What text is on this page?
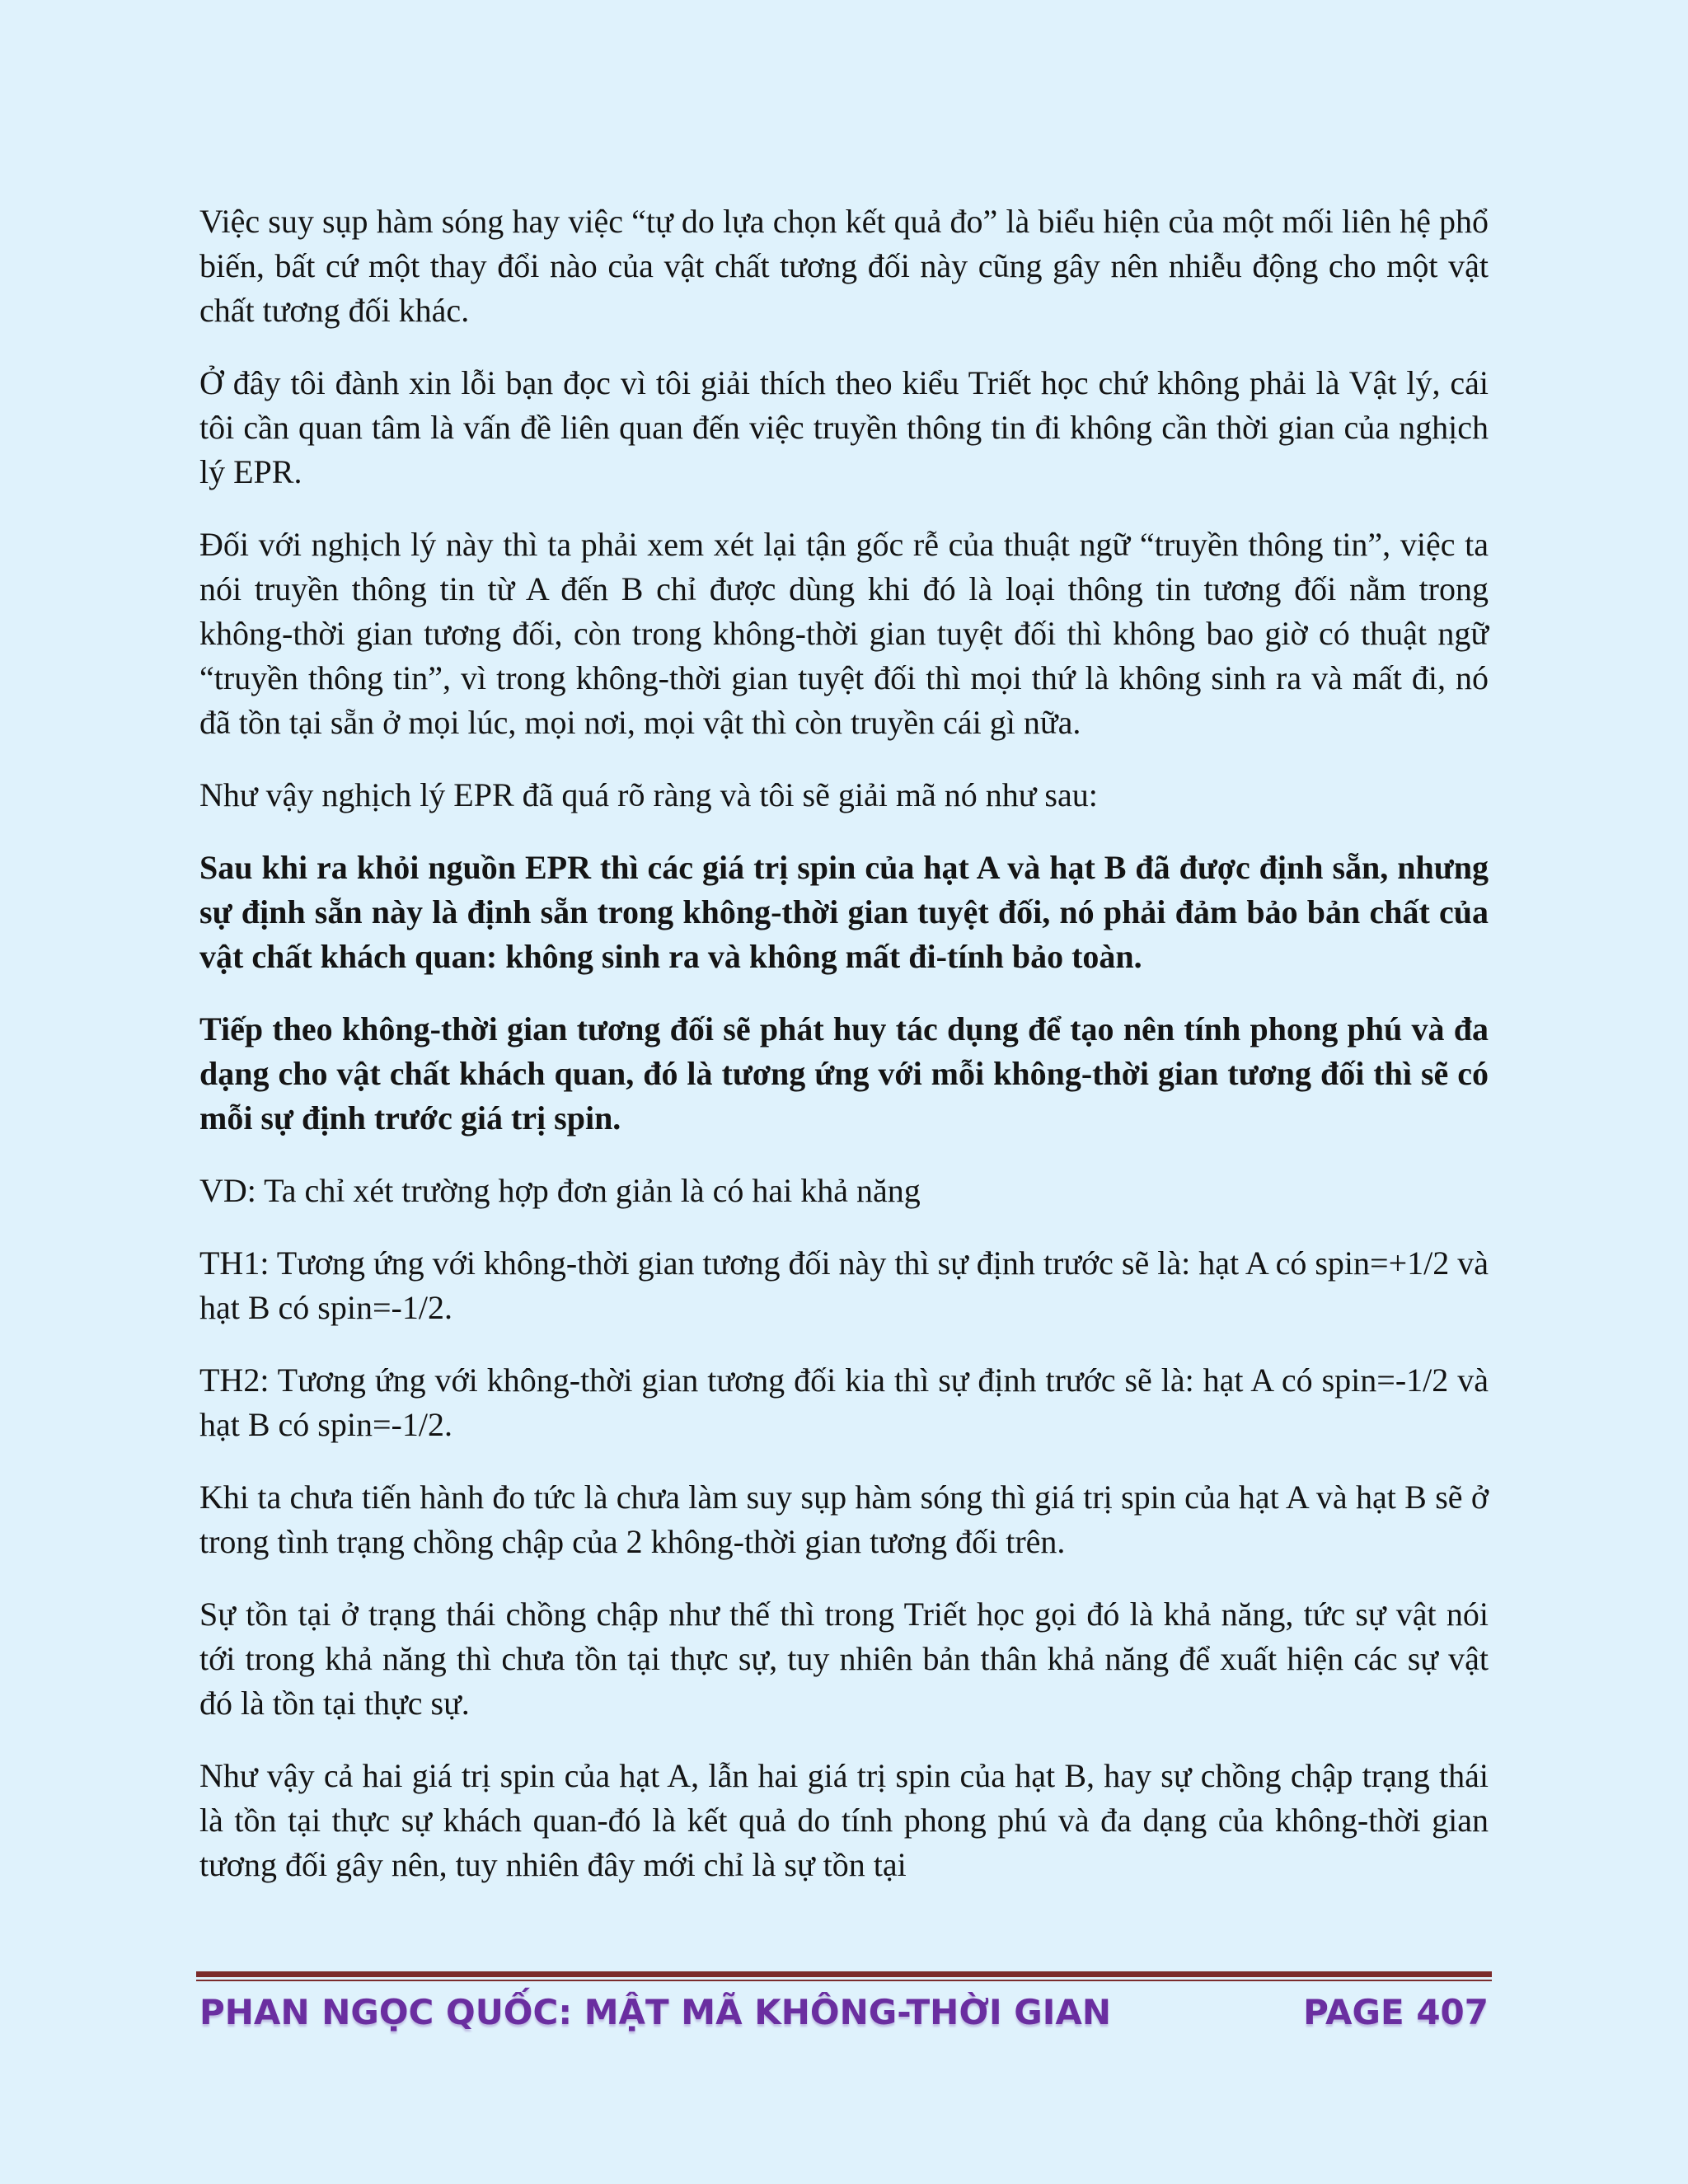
Việc suy sụp hàm sóng hay việc “tự do lựa chọn kết quả đo” là biểu hiện của một mối liên hệ phổ biến, bất cứ một thay đổi nào của vật chất tương đối này cũng gây nên nhiễu động cho một vật chất tương đối khác.

Ở đây tôi đành xin lỗi bạn đọc vì tôi giải thích theo kiểu Triết học chứ không phải là Vật lý, cái tôi cần quan tâm là vấn đề liên quan đến việc truyền thông tin đi không cần thời gian của nghịch lý EPR.

Đối với nghịch lý này thì ta phải xem xét lại tận gốc rễ của thuật ngữ “truyền thông tin”, việc ta nói truyền thông tin từ A đến B chỉ được dùng khi đó là loại thông tin tương đối nằm trong không-thời gian tương đối, còn trong không-thời gian tuyệt đối thì không bao giờ có thuật ngữ “truyền thông tin”, vì trong không-thời gian tuyệt đối thì mọi thứ là không sinh ra và mất đi, nó đã tồn tại sẵn ở mọi lúc, mọi nơi, mọi vật thì còn truyền cái gì nữa.

Như vậy nghịch lý EPR đã quá rõ ràng và tôi sẽ giải mã nó như sau:

Sau khi ra khỏi nguồn EPR thì các giá trị spin của hạt A và hạt B đã được định sẵn, nhưng sự định sẵn này là định sẵn trong không-thời gian tuyệt đối, nó phải đảm bảo bản chất của vật chất khách quan: không sinh ra và không mất đi-tính bảo toàn.

Tiếp theo không-thời gian tương đối sẽ phát huy tác dụng để tạo nên tính phong phú và đa dạng cho vật chất khách quan, đó là tương ứng với mỗi không-thời gian tương đối thì sẽ có mỗi sự định trước giá trị spin.

VD: Ta chỉ xét trường hợp đơn giản là có hai khả năng

TH1: Tương ứng với không-thời gian tương đối này thì sự định trước sẽ là: hạt A có spin=+1/2 và hạt B có spin=-1/2.

TH2: Tương ứng với không-thời gian tương đối kia thì sự định trước sẽ là: hạt A có spin=-1/2 và hạt B có spin=-1/2.

Khi ta chưa tiến hành đo tức là chưa làm suy sụp hàm sóng thì giá trị spin của hạt A và hạt B sẽ ở trong tình trạng chồng chập của 2 không-thời gian tương đối trên.

Sự tồn tại ở trạng thái chồng chập như thế thì trong Triết học gọi đó là khả năng, tức sự vật nói tới trong khả năng thì chưa tồn tại thực sự, tuy nhiên bản thân khả năng để xuất hiện các sự vật đó là tồn tại thực sự.

Như vậy cả hai giá trị spin của hạt A, lẫn hai giá trị spin của hạt B, hay sự chồng chập trạng thái là tồn tại thực sự khách quan-đó là kết quả do tính phong phú và đa dạng của không-thời gian tương đối gây nên, tuy nhiên đây mới chỉ là sự tồn tại

PHAN NGỌC QUỐC: MẬT MÃ KHÔNG-THỜI GIAN	PAGE 407
